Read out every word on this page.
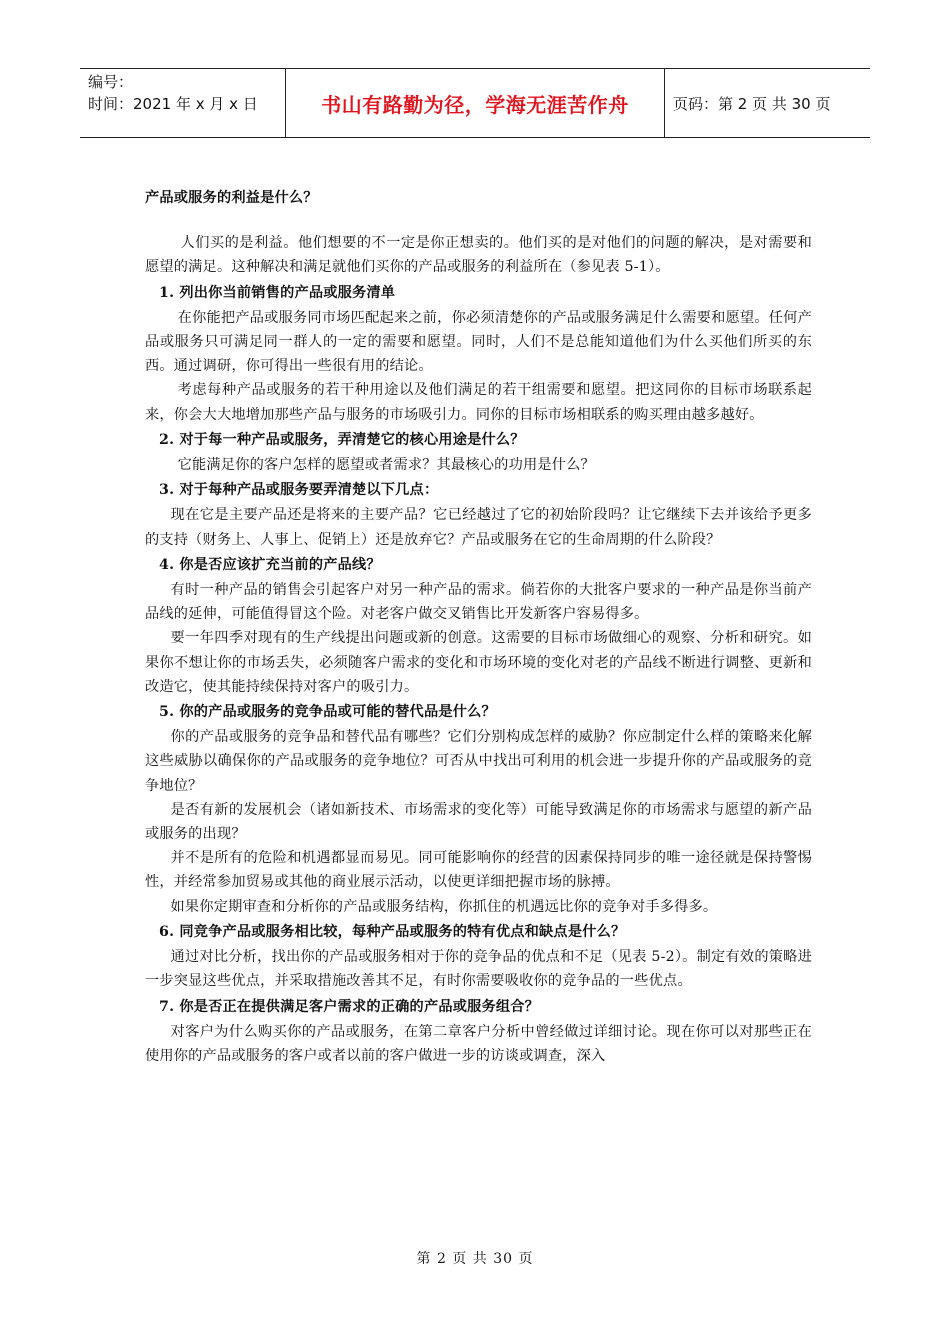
编号：
时间：2021 年 x 月 x 日	书山有路勤为径，学海无涯苦作舟	页码：第 2 页 共 30 页

产品或服务的利益是什么？

人们买的是利益。他们想要的不一定是你正想卖的。他们买的是对他们的问题的解决，是对需要和愿望的满足。这种解决和满足就他们买你的产品或服务的利益所在（参见表 5-1）。

1. 列出你当前销售的产品或服务清单

在你能把产品或服务同市场匹配起来之前，你必须清楚你的产品或服务满足什么需要和愿望。任何产品或服务只可满足同一群人的一定的需要和愿望。同时，人们不是总能知道他们为什么买他们所买的东西。通过调研，你可得出一些很有用的结论。

考虑每种产品或服务的若干种用途以及他们满足的若干组需要和愿望。把这同你的目标市场联系起来，你会大大地增加那些产品与服务的市场吸引力。同你的目标市场相联系的购买理由越多越好。

2. 对于每一种产品或服务，弄清楚它的核心用途是什么？

它能满足你的客户怎样的愿望或者需求？其最核心的功用是什么？

3. 对于每种产品或服务要弄清楚以下几点：

现在它是主要产品还是将来的主要产品？它已经越过了它的初始阶段吗？让它继续下去并该给予更多的支持（财务上、人事上、促销上）还是放弃它？产品或服务在它的生命周期的什么阶段？

4. 你是否应该扩充当前的产品线？

有时一种产品的销售会引起客户对另一种产品的需求。倘若你的大批客户要求的一种产品是你当前产品线的延伸，可能值得冒这个险。对老客户做交叉销售比开发新客户容易得多。

要一年四季对现有的生产线提出问题或新的创意。这需要的目标市场做细心的观察、分析和研究。如果你不想让你的市场丢失，必须随客户需求的变化和市场环境的变化对老的产品线不断进行调整、更新和改造它，使其能持续保持对客户的吸引力。

5. 你的产品或服务的竞争品或可能的替代品是什么？

你的产品或服务的竞争品和替代品有哪些？它们分别构成怎样的威胁？你应制定什么样的策略来化解这些威胁以确保你的产品或服务的竞争地位？可否从中找出可利用的机会进一步提升你的产品或服务的竞争地位？

是否有新的发展机会（诸如新技术、市场需求的变化等）可能导致满足你的市场需求与愿望的新产品或服务的出现？

并不是所有的危险和机遇都显而易见。同可能影响你的经营的因素保持同步的唯一途径就是保持警惕性，并经常参加贸易或其他的商业展示活动，以使更详细把握市场的脉搏。

如果你定期审查和分析你的产品或服务结构，你抓住的机遇远比你的竞争对手多得多。

6. 同竞争产品或服务相比较，每种产品或服务的特有优点和缺点是什么？

通过对比分析，找出你的产品或服务相对于你的竞争品的优点和不足（见表 5-2）。制定有效的策略进一步突显这些优点，并采取措施改善其不足，有时你需要吸收你的竞争品的一些优点。

7. 你是否正在提供满足客户需求的正确的产品或服务组合？

对客户为什么购买你的产品或服务，在第二章客户分析中曾经做过详细讨论。现在你可以对那些正在使用你的产品或服务的客户或者以前的客户做进一步的访谈或调查，深入

第 2 页 共 30 页
